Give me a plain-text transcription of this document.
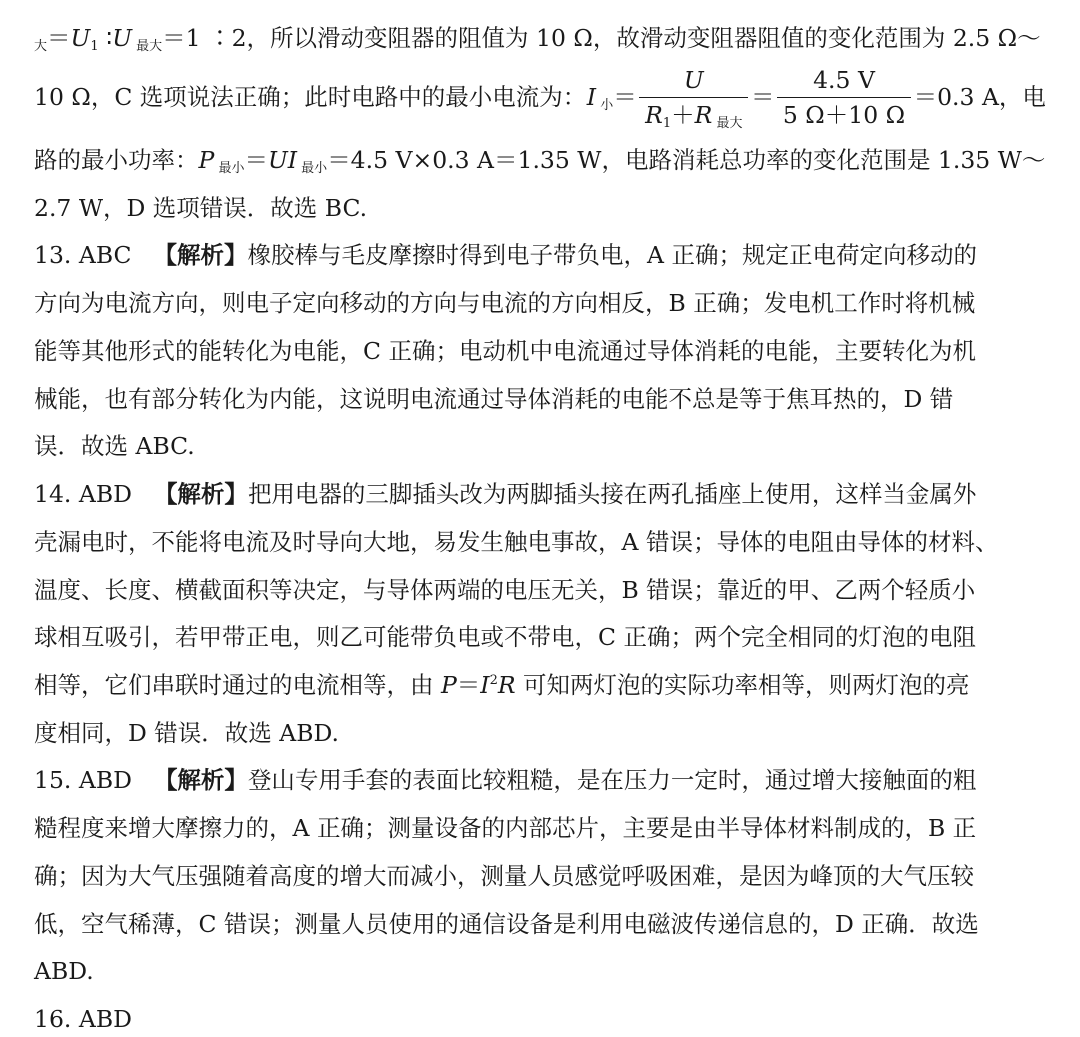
$_大=U_1$ ∶U $_{最大}$＝1 ∶2，所以滑动变阻器的阻值为 10 Ω，故滑动变阻器阻值的变化范围为 2.5 Ω～
10 Ω，C 选项说法正确；此时电路中的最小电流为： I $_小= \frac{U}{R_1+R _{最大}} = \frac{4.5 V}{5 \Omega+10 \Omega} =0.3$ A，电
路的最小功率：P $_{最小}$＝UI $_{最小}$＝4.5 V×0.3 A＝1.35 W，电路消耗总功率的变化范围是 1.35 W～
2.7 W，D 选项错误．故选 BC.
13. ABC 【解析】橡胶棒与毛皮摩擦时得到电子带负电，A 正确；规定正电荷定向移动的
方向为电流方向，则电子定向移动的方向与电流的方向相反，B 正确；发电机工作时将机械
能等其他形式的能转化为电能，C 正确；电动机中电流通过导体消耗的电能，主要转化为机
械能，也有部分转化为内能，这说明电流通过导体消耗的电能不总是等于焦耳热的，D 错
误．故选 ABC.
14. ABD 【解析】把用电器的三脚插头改为两脚插头接在两孔插座上使用，这样当金属外
壳漏电时，不能将电流及时导向大地，易发生触电事故，A 错误；导体的电阻由导体的材料、
温度、长度、横截面积等决定，与导体两端的电压无关，B 错误；靠近的甲、乙两个轻质小
球相互吸引，若甲带正电，则乙可能带负电或不带电，C 正确；两个完全相同的灯泡的电阻
相等，它们串联时通过的电流相等，由 $P=I^2R$ 可知两灯泡的实际功率相等，则两灯泡的亮
度相同，D 错误．故选 ABD.
15. ABD 【解析】登山专用手套的表面比较粗糙，是在压力一定时，通过增大接触面的粗
糙程度来增大摩擦力的，A 正确；测量设备的内部芯片，主要是由半导体材料制成的，B 正
确；因为大气压强随着高度的增大而减小，测量人员感觉呼吸困难，是因为峰顶的大气压较
低，空气稀薄，C 错误；测量人员使用的通信设备是利用电磁波传递信息的，D 正确．故选
ABD.
16. ABD
